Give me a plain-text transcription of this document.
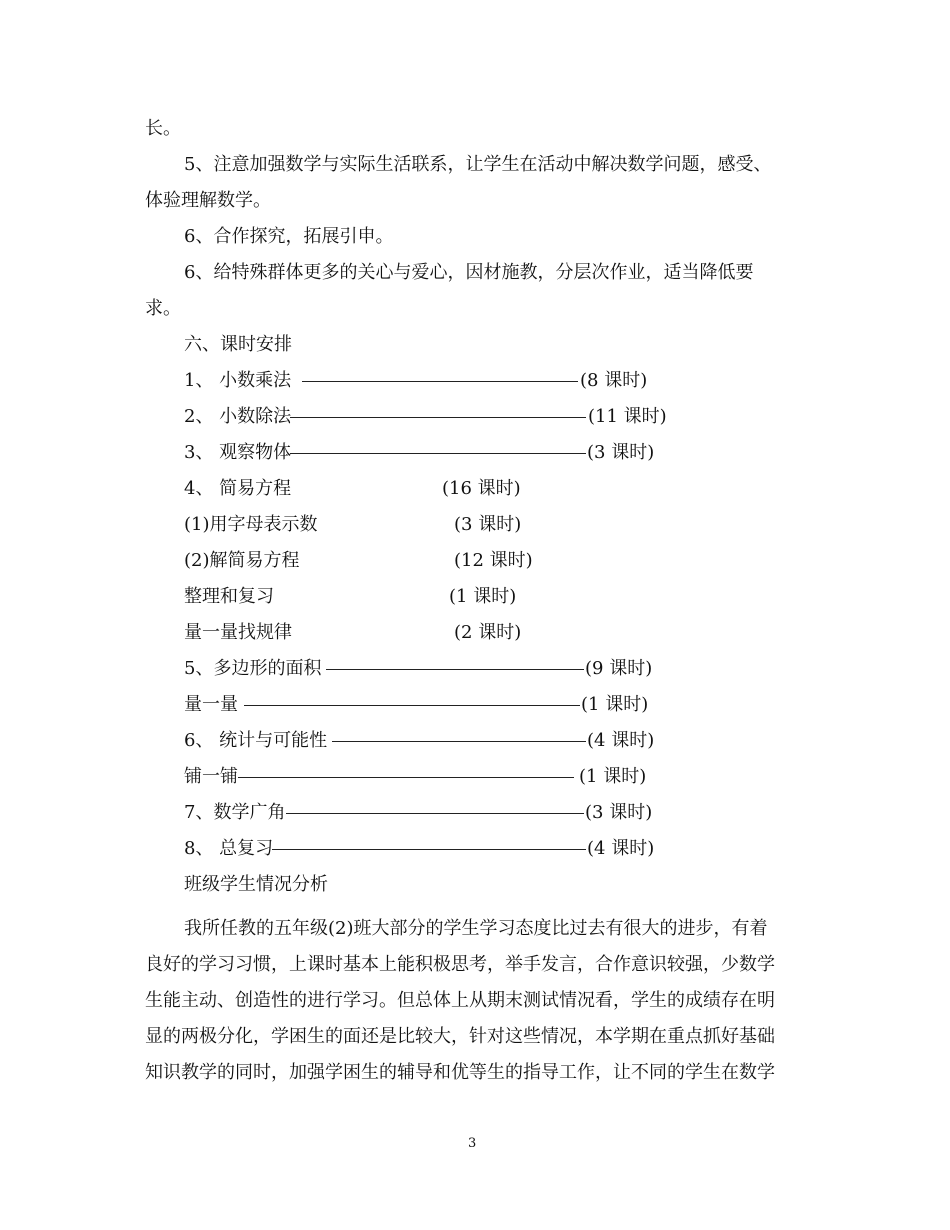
长。
5、注意加强数学与实际生活联系，让学生在活动中解决数学问题，感受、
体验理解数学。
6、合作探究，拓展引申。
6、给特殊群体更多的关心与爱心，因材施教，分层次作业，适当降低要
求。
六、课时安排
1、 小数乘法	(8 课时)
2、 小数除法	(11 课时)
3、 观察物体	(3 课时)
4、 简易方程	(16 课时)
(1)用字母表示数	(3 课时)
(2)解简易方程	(12 课时)
整理和复习	(1 课时)
量一量找规律	(2 课时)
5、多边形的面积	(9 课时)
量一量	(1 课时)
6、 统计与可能性	(4 课时)
铺一铺	(1 课时)
7、数学广角	(3 课时)
8、 总复习	(4 课时)
班级学生情况分析
我所任教的五年级(2)班大部分的学生学习态度比过去有很大的进步，有着
良好的学习习惯，上课时基本上能积极思考，举手发言，合作意识较强，少数学
生能主动、创造性的进行学习。但总体上从期末测试情况看，学生的成绩存在明
显的两极分化，学困生的面还是比较大，针对这些情况，本学期在重点抓好基础
知识教学的同时，加强学困生的辅导和优等生的指导工作，让不同的学生在数学
3
